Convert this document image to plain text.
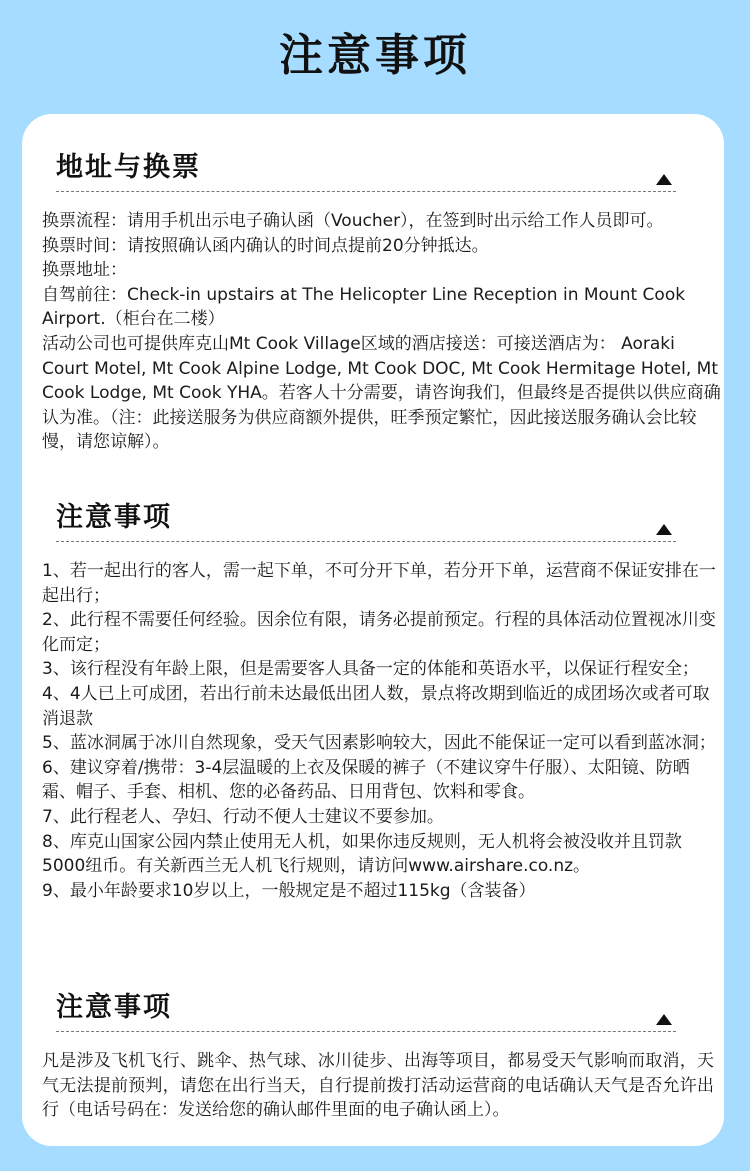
注意事项
地址与换票

换票流程：请用手机出示电子确认函（Voucher），在签到时出示给工作人员即可。

换票时间：请按照确认函内确认的时间点提前20分钟抵达。

换票地址：

自驾前往：Check-in upstairs at The Helicopter Line Reception in Mount Cook Airport.（柜台在二楼）

活动公司也可提供库克山Mt Cook Village区域的酒店接送：可接送酒店为： Aoraki Court Motel, Mt Cook Alpine Lodge, Mt Cook DOC, Mt Cook Hermitage Hotel, Mt Cook Lodge, Mt Cook YHA。若客人十分需要，请咨询我们，但最终是否提供以供应商确认为准。（注：此接送服务为供应商额外提供，旺季预定繁忙，因此接送服务确认会比较慢，请您谅解）。

注意事项

1、若一起出行的客人，需一起下单，不可分开下单，若分开下单，运营商不保证安排在一起出行；

2、此行程不需要任何经验。因余位有限，请务必提前预定。行程的具体活动位置视冰川变化而定；

3、该行程没有年龄上限，但是需要客人具备一定的体能和英语水平，以保证行程安全；

4、4人已上可成团，若出行前未达最低出团人数，景点将改期到临近的成团场次或者可取消退款

5、蓝冰洞属于冰川自然现象，受天气因素影响较大，因此不能保证一定可以看到蓝冰洞；

6、建议穿着/携带：3-4层温暖的上衣及保暖的裤子（不建议穿牛仔服）、太阳镜、防晒霜、帽子、手套、相机、您的必备药品、日用背包、饮料和零食。

7、此行程老人、孕妇、行动不便人士建议不要参加。

8、库克山国家公园内禁止使用无人机，如果你违反规则，无人机将会被没收并且罚款5000纽币。有关新西兰无人机飞行规则，请访问www.airshare.co.nz。

9、最小年龄要求10岁以上，一般规定是不超过115kg（含装备）

注意事项

凡是涉及飞机飞行、跳伞、热气球、冰川徒步、出海等项目，都易受天气影响而取消，天气无法提前预判，请您在出行当天，自行提前拨打活动运营商的电话确认天气是否允许出行（电话号码在：发送给您的确认邮件里面的电子确认函上）。
